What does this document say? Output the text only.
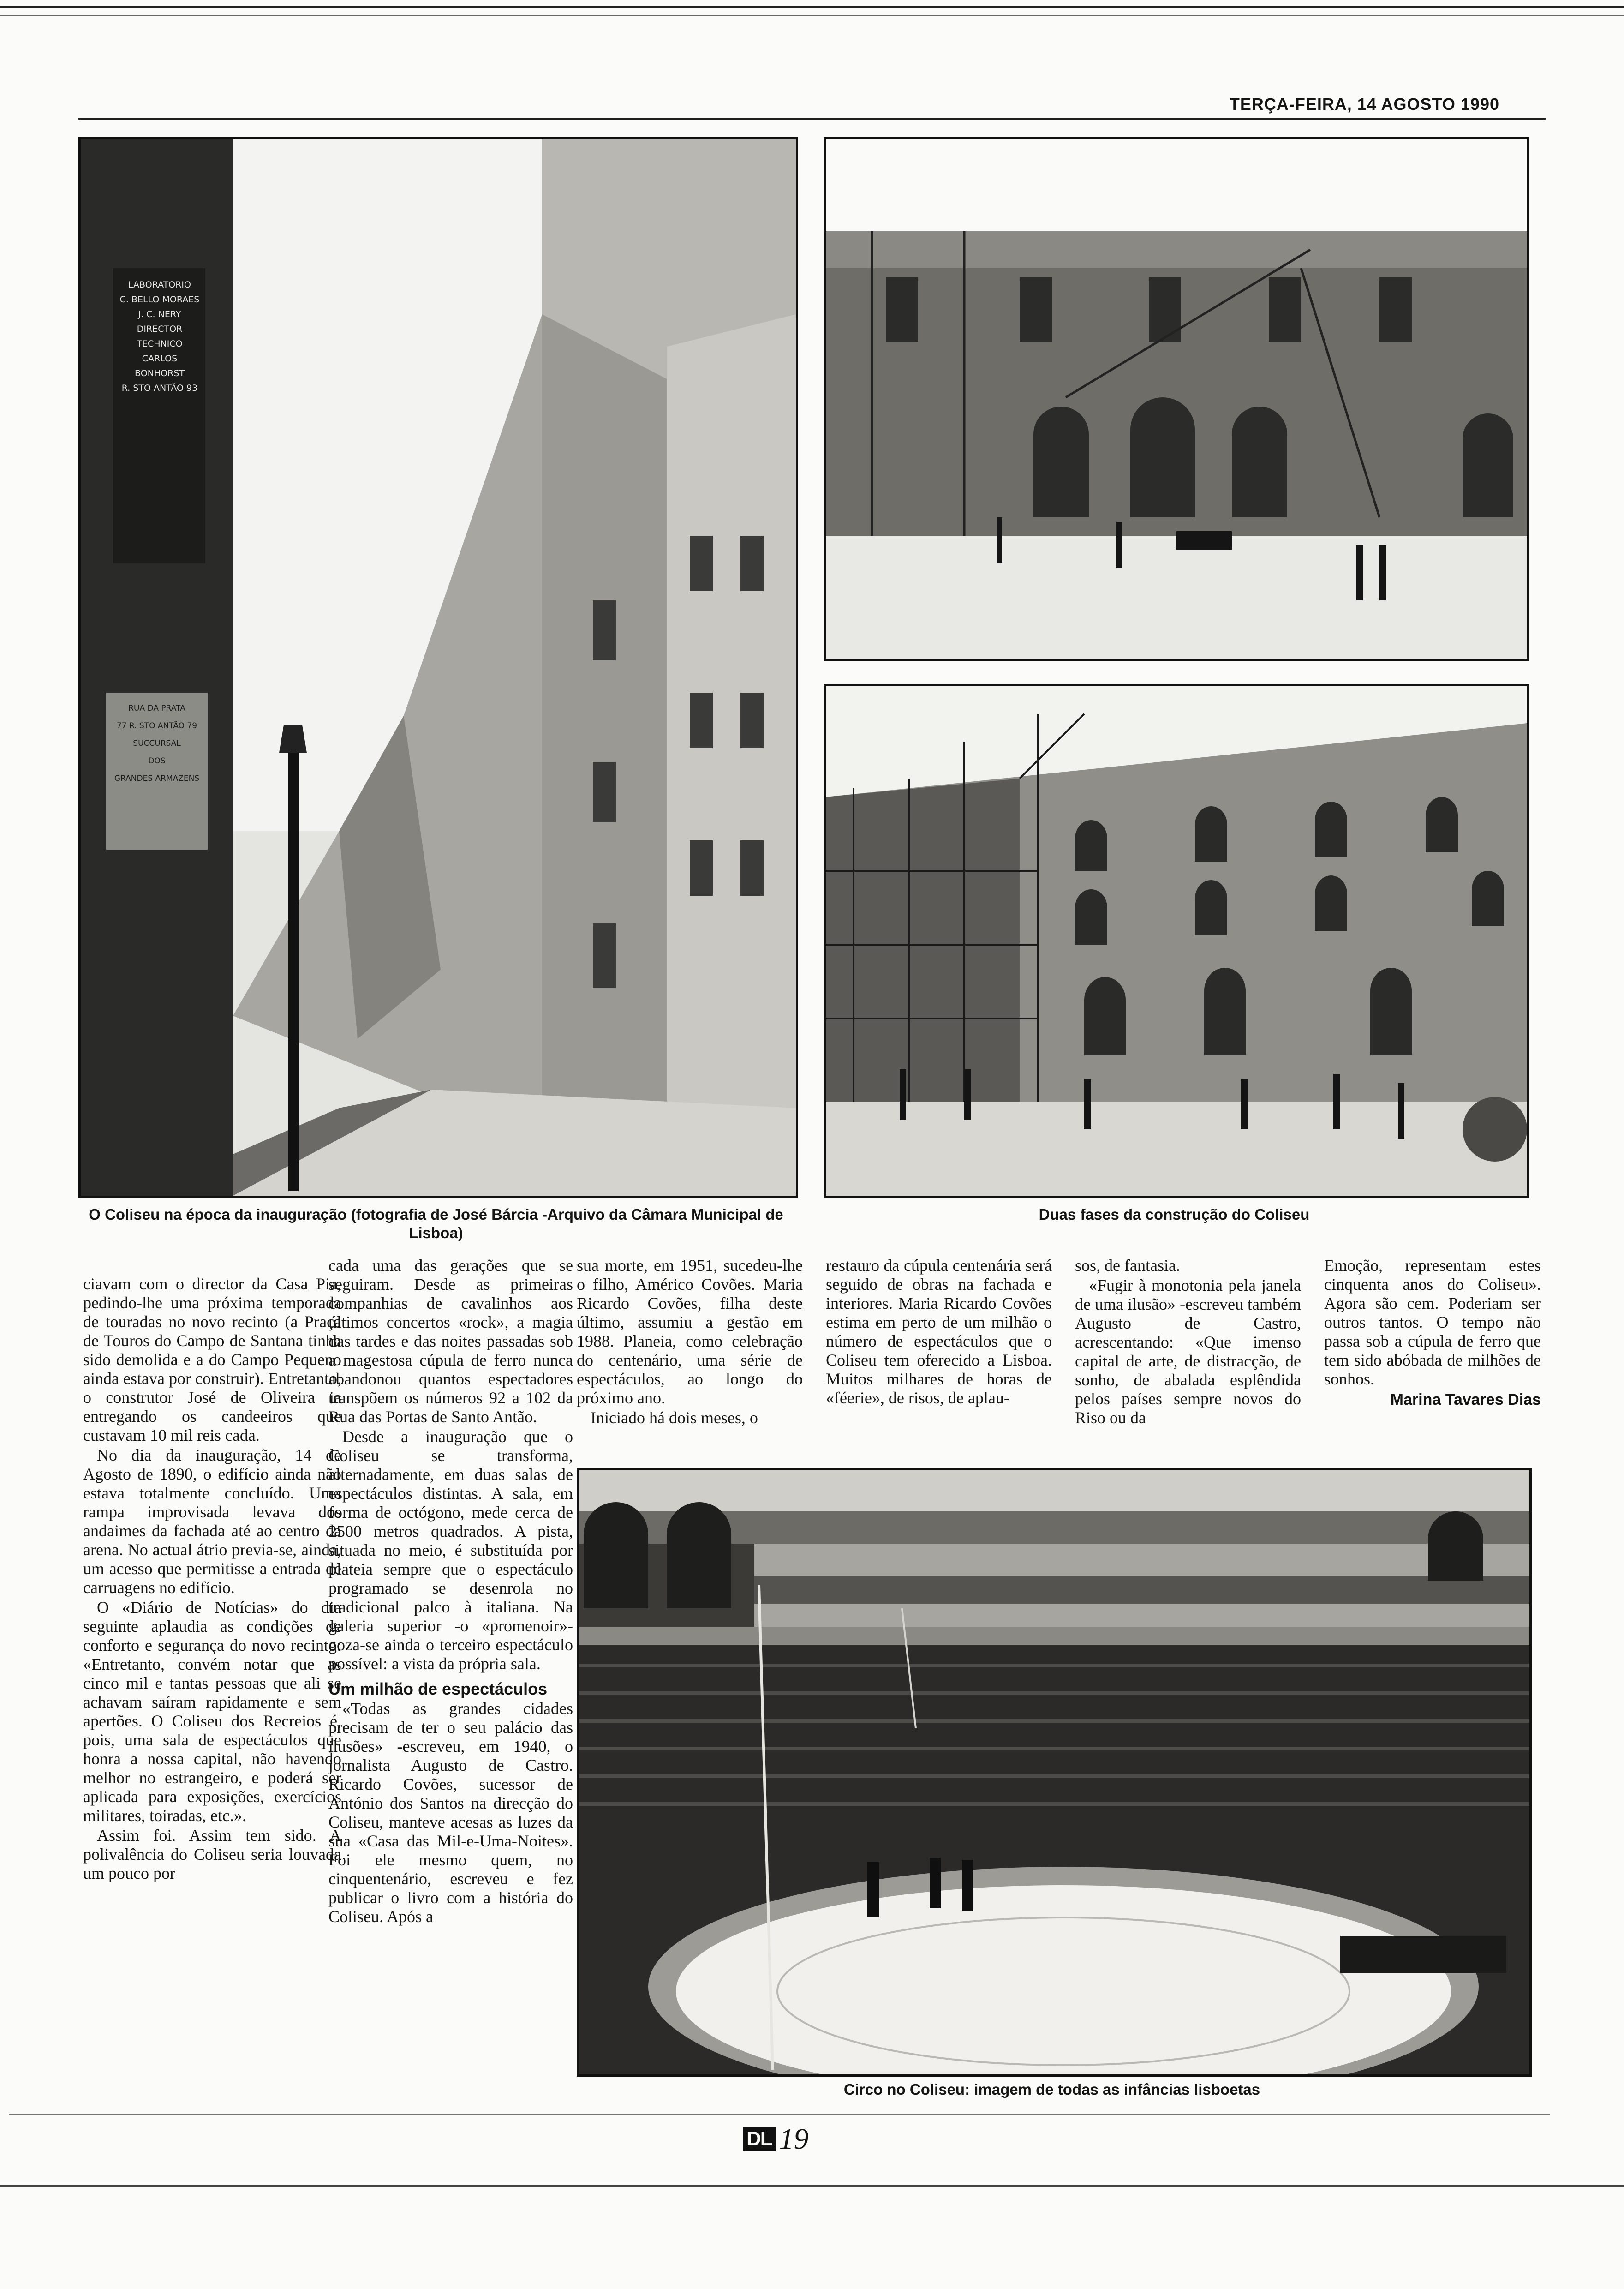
TERÇA-FEIRA, 14 AGOSTO 1990
LABORATORIO
C. BELLO MORAES
J. C. NERY
DIRECTOR TECHNICO
CARLOS BONHORST
R. STO ANTÃO 93
RUA DA PRATA
77 R. STO ANTÃO 79
SUCCURSAL
DOS
GRANDES ARMAZENS
O Coliseu na época da inauguração (fotografia de José Bárcia -Arquivo da Câmara Municipal de Lisboa)
Duas fases da construção do Coliseu

ciavam com o director da Casa Pia, pedindo-lhe uma próxima temporada de touradas no novo recinto (a Praça de Touros do Campo de Santana tinha sido demolida e a do Campo Pequeno ainda estava por construir). Entretanto, o construtor José de Oliveira ia entregando os candeeiros que custavam 10 mil reis cada.

No dia da inauguração, 14 de Agosto de 1890, o edifício ainda não estava totalmente concluído. Uma rampa improvisada levava dos andaimes da fachada até ao centro da arena. No actual átrio previa-se, ainda, um acesso que permitisse a entrada de carruagens no edifício.

O «Diário de Notícias» do dia seguinte aplaudia as condições de conforto e segurança do novo recinto: «Entretanto, convém notar que as cinco mil e tantas pessoas que ali se achavam saíram rapidamente e sem apertões. O Coliseu dos Recreios é, pois, uma sala de espectáculos que honra a nossa capital, não havendo melhor no estrangeiro, e poderá ser aplicada para exposições, exercícios militares, toiradas, etc.».

Assim foi. Assim tem sido. A polivalência do Coliseu seria louvada um pouco por

cada uma das gerações que se seguiram. Desde as primeiras companhias de cavalinhos aos últimos concertos «rock», a magia das tardes e das noites passadas sob a magestosa cúpula de ferro nunca abandonou quantos espectadores transpõem os números 92 a 102 da Rua das Portas de Santo Antão.

Desde a inauguração que o Coliseu se transforma, alternadamente, em duas salas de espectáculos distintas. A sala, em forma de octógono, mede cerca de 2500 metros quadrados. A pista, situada no meio, é substituída por plateia sempre que o espectáculo programado se desenrola no tradicional palco à italiana. Na galeria superior -o «promenoir»- goza-se ainda o terceiro espectáculo possível: a vista da própria sala.

Um milhão de espectáculos

«Todas as grandes cidades precisam de ter o seu palácio das ilusões» -escreveu, em 1940, o jornalista Augusto de Castro. Ricardo Covões, sucessor de António dos Santos na direcção do Coliseu, manteve acesas as luzes da sua «Casa das Mil-e-Uma-Noites». Foi ele mesmo quem, no cinquentenário, escreveu e fez publicar o livro com a história do Coliseu. Após a

sua morte, em 1951, sucedeu-lhe o filho, Américo Covões. Maria Ricardo Covões, filha deste último, assumiu a gestão em 1988. Planeia, como celebração do centenário, uma série de espectáculos, ao longo do próximo ano.

Iniciado há dois meses, o

restauro da cúpula centenária será seguido de obras na fachada e interiores. Maria Ricardo Covões estima em perto de um milhão o número de espectáculos que o Coliseu tem oferecido a Lisboa. Muitos milhares de horas de «féerie», de risos, de aplau-

sos, de fantasia.

«Fugir à monotonia pela janela de uma ilusão» -escreveu também Augusto de Castro, acrescentando: «Que imenso capital de arte, de distracção, de sonho, de abalada esplêndida pelos países sempre novos do Riso ou da

Emoção, representam estes cinquenta anos do Coliseu». Agora são cem. Poderiam ser outros tantos. O tempo não passa sob a cúpula de ferro que tem sido abóbada de milhões de sonhos.

Marina Tavares Dias
Circo no Coliseu: imagem de todas as infâncias lisboetas
DL 19
